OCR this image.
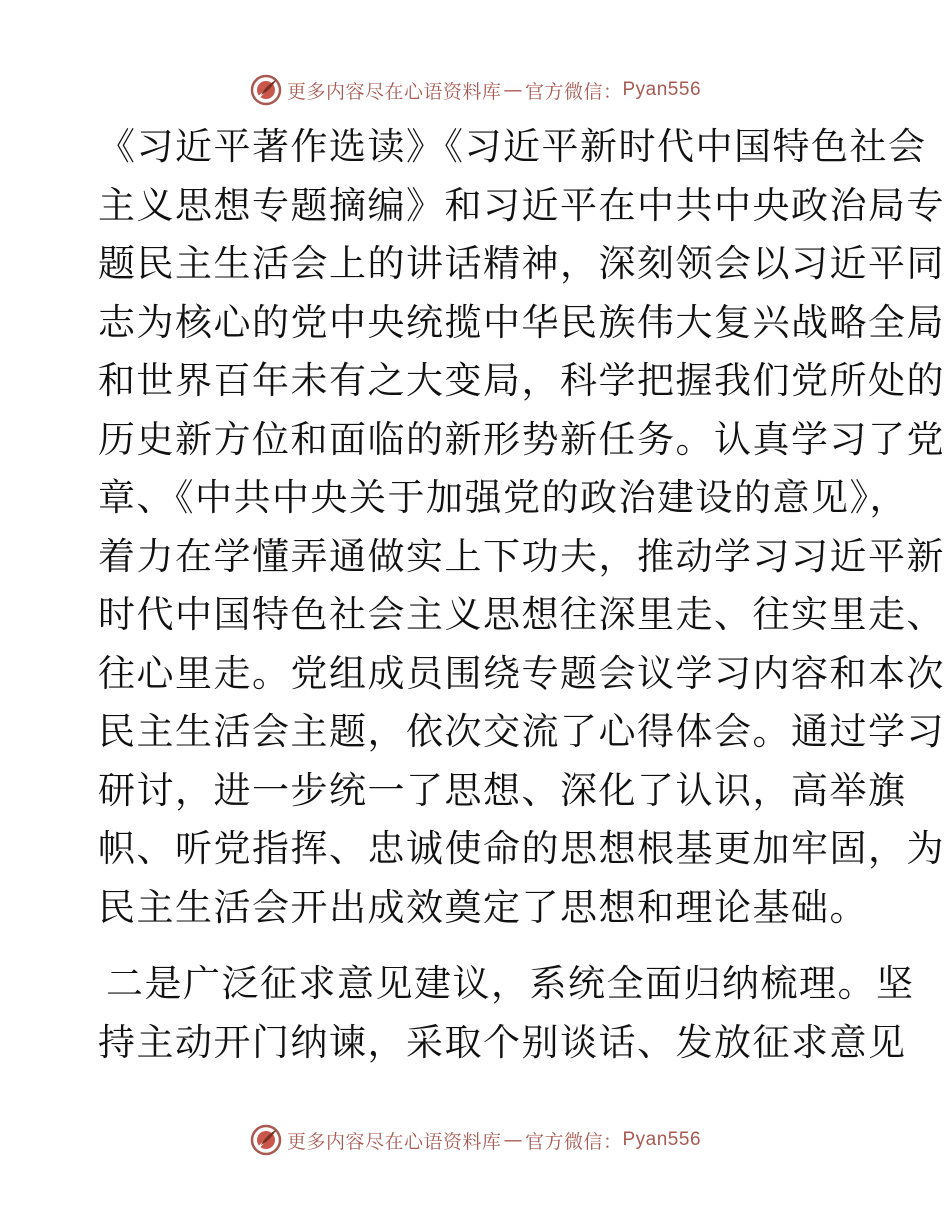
更多内容尽在心语资料库 — 官方微信： Pyan556
《习近平著作选读》《习近平新时代中国特色社会
主义思想专题摘编》和习近平在中共中央政治局专
题民主生活会上的讲话精神，深刻领会以习近平同
志为核心的党中央统揽中华民族伟大复兴战略全局
和世界百年未有之大变局，科学把握我们党所处的
历史新方位和面临的新形势新任务。认真学习了党
章、《中共中央关于加强党的政治建设的意见》，
着力在学懂弄通做实上下功夫，推动学习习近平新
时代中国特色社会主义思想往深里走、往实里走、
往心里走。党组成员围绕专题会议学习内容和本次
民主生活会主题，依次交流了心得体会。通过学习
研讨，进一步统一了思想、深化了认识，高举旗
帜、听党指挥、忠诚使命的思想根基更加牢固，为
民主生活会开出成效奠定了思想和理论基础。
二是广泛征求意见建议，系统全面归纳梳理。坚
持主动开门纳谏，采取个别谈话、发放征求意见
更多内容尽在心语资料库 — 官方微信： Pyan556
